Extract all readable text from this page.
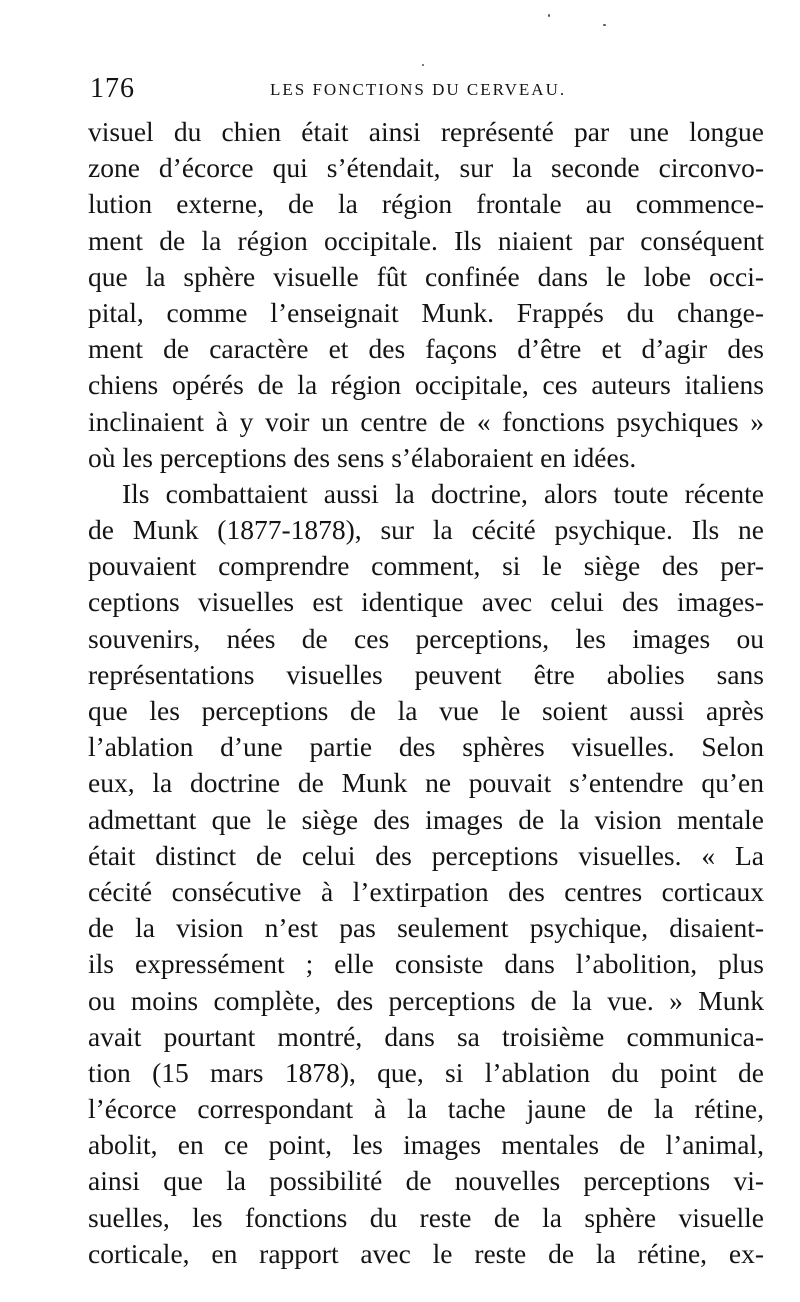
176	LES FONCTIONS DU CERVEAU.
visuel du chien était ainsi représenté par une longue
zone d’écorce qui s’étendait, sur la seconde circonvo-
lution externe, de la région frontale au commence-
ment de la région occipitale. Ils niaient par conséquent
que la sphère visuelle fût confinée dans le lobe occi-
pital, comme l’enseignait Munk. Frappés du change-
ment de caractère et des façons d’être et d’agir des
chiens opérés de la région occipitale, ces auteurs italiens
inclinaient à y voir un centre de « fonctions psychiques »
où les perceptions des sens s’élaboraient en idées.
Ils combattaient aussi la doctrine, alors toute récente
de Munk (1877-1878), sur la cécité psychique. Ils ne
pouvaient comprendre comment, si le siège des per-
ceptions visuelles est identique avec celui des images-
souvenirs, nées de ces perceptions, les images ou
représentations visuelles peuvent être abolies sans
que les perceptions de la vue le soient aussi après
l’ablation d’une partie des sphères visuelles. Selon
eux, la doctrine de Munk ne pouvait s’entendre qu’en
admettant que le siège des images de la vision mentale
était distinct de celui des perceptions visuelles. « La
cécité consécutive à l’extirpation des centres corticaux
de la vision n’est pas seulement psychique, disaient-
ils expressément ; elle consiste dans l’abolition, plus
ou moins complète, des perceptions de la vue. » Munk
avait pourtant montré, dans sa troisième communica-
tion (15 mars 1878), que, si l’ablation du point de
l’écorce correspondant à la tache jaune de la rétine,
abolit, en ce point, les images mentales de l’animal,
ainsi que la possibilité de nouvelles perceptions vi-
suelles, les fonctions du reste de la sphère visuelle
corticale, en rapport avec le reste de la rétine, ex-
